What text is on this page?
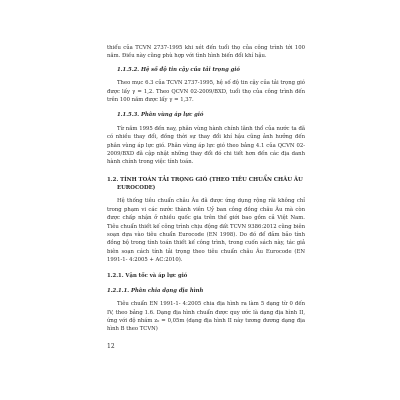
thiểu của TCVN 2737-1995 khi xét đến tuổi thọ của công trình tới 100 năm. Điều này cũng phù hợp với tình hình biến đổi khí hậu.

1.1.5.2. Hệ số độ tin cậy của tải trọng gió

Theo mục 6.3 của TCVN 2737-1995, hệ số độ tin cậy của tải trọng gió được lấy γ = 1,2. Theo QCVN 02-2009/BXD, tuổi thọ của công trình đến trên 100 năm được lấy γ = 1,37.

1.1.5.3. Phân vùng áp lực gió

Từ năm 1995 đến nay, phân vùng hành chính lãnh thổ của nước ta đã có nhiều thay đổi, đồng thời sự thay đổi khí hậu cũng ảnh hưởng đến phân vùng áp lực gió. Phân vùng áp lực gió theo bảng 4.1 của QCVN 02-2009/BXD đã cập nhật những thay đổi đó chi tiết hơn đến các địa danh hành chính trong việc tính toán.

1.2. TÍNH TOÁN TẢI TRỌNG GIÓ (THEO TIÊU CHUẨN CHÂU ÂU

EUROCODE)

Hệ thống tiêu chuẩn châu Âu đã được ứng dụng rộng rãi không chỉ trong phạm vi các nước thành viên Uỷ ban công đồng châu Âu mà còn được chấp nhận ở nhiều quốc gia trên thế giới bao gồm cả Việt Nam. Tiêu chuẩn thiết kế công trình chịu động đất TCVN 9386:2012 cũng biên soạn dựa vào tiêu chuẩn Eurocode (EN 1998). Do đó để đảm bảo tính đồng bộ trong tính toán thiết kế công trình, trong cuốn sách này, tác giả biên soạn cách tính tải trọng theo tiêu chuẩn châu Âu Eurocode (EN 1991-1- 4:2005 + AC:2010).

1.2.1. Vận tốc và áp lực gió

1.2.1.1. Phân chia dạng địa hình

Tiêu chuẩn EN 1991-1- 4:2005 chia địa hình ra làm 5 dạng từ 0 đến IV, theo bảng 1.6. Dạng địa hình chuẩn được quy ước là dạng địa hình II, ứng với độ nhám z₀ = 0,05m (dạng địa hình II này tương đương dạng địa hình B theo TCVN)

12
